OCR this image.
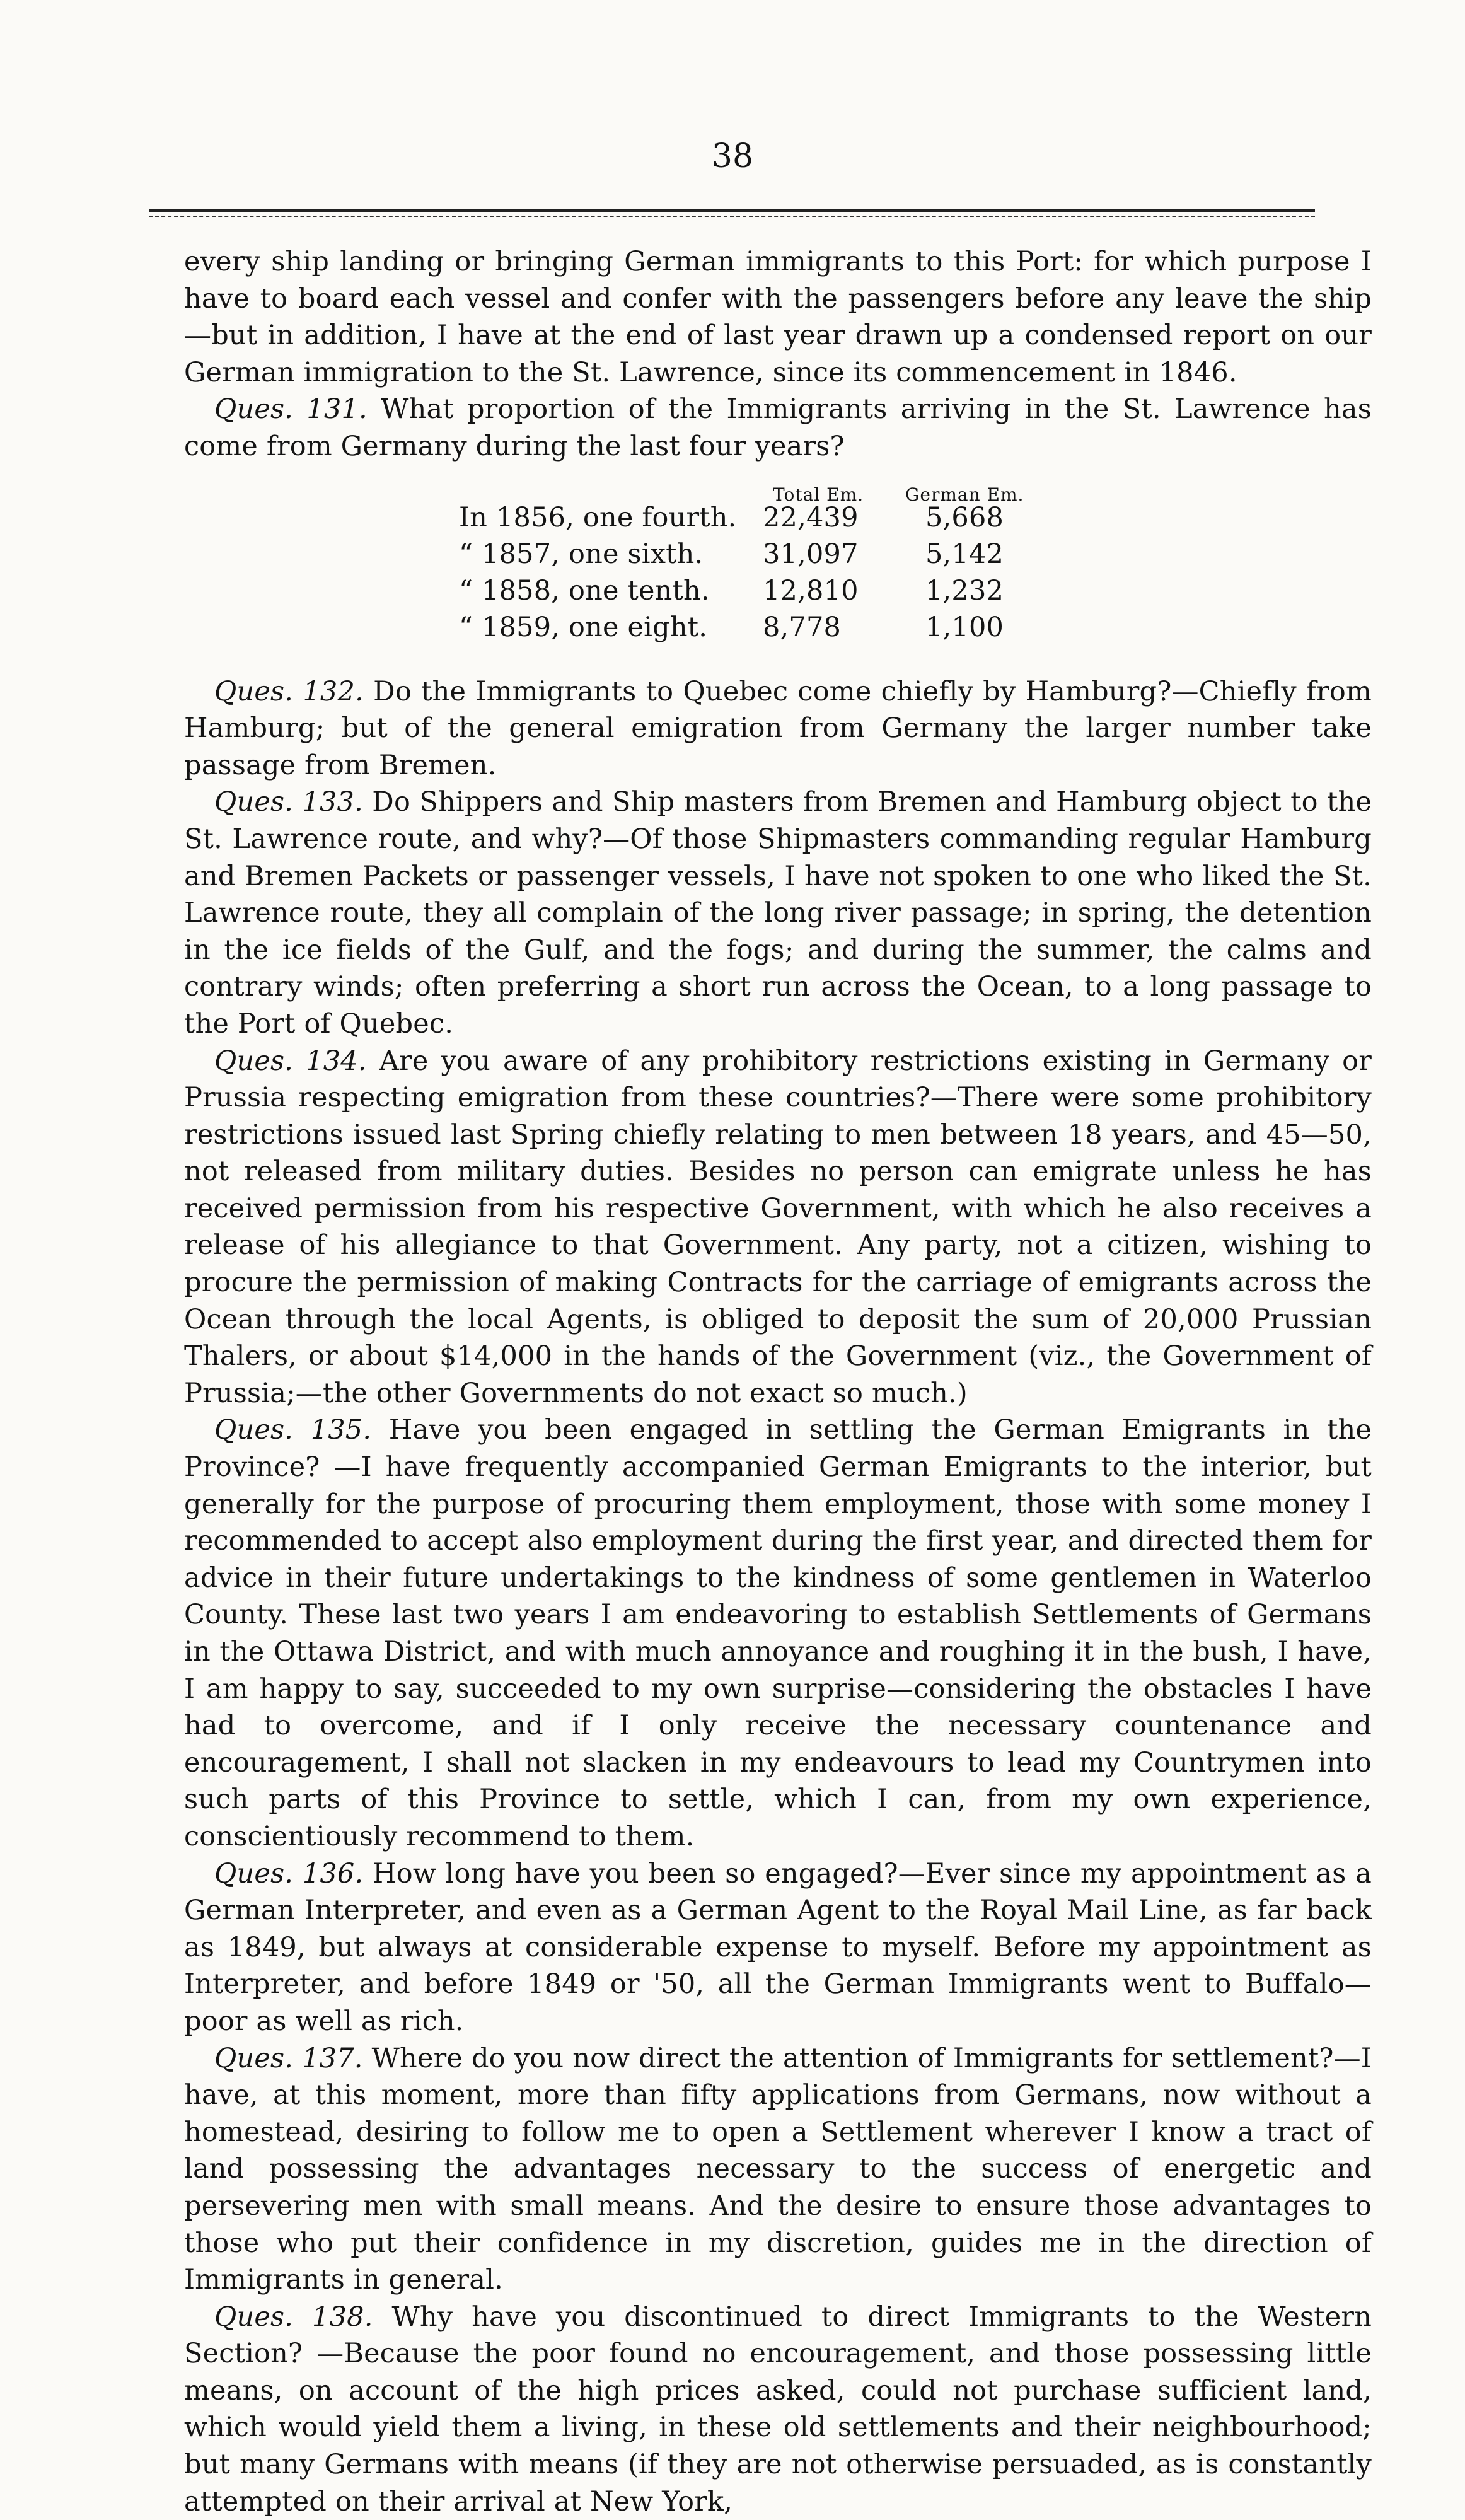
38

every ship landing or bringing German immigrants to this Port: for which purpose I have to board each vessel and confer with the passengers before any leave the ship—but in addition, I have at the end of last year drawn up a condensed report on our German immigration to the St. Lawrence, since its commencement in 1846.

Ques. 131. What proportion of the Immigrants arriving in the St. Lawrence has come from Germany during the last four years?

Total Em. German Em.
In 1856, one fourth. 22,439 5,668
“ 1857, one sixth. 31,097 5,142
“ 1858, one tenth. 12,810 1,232
“ 1859, one eight. 8,778	1,100

Ques. 132. Do the Immigrants to Quebec come chiefly by Hamburg?—Chiefly from Hamburg; but of the general emigration from Germany the larger number take passage from Bremen.

Ques. 133. Do Shippers and Ship masters from Bremen and Hamburg object to the St. Lawrence route, and why?—Of those Shipmasters commanding regular Hamburg and Bremen Packets or passenger vessels, I have not spoken to one who liked the St. Lawrence route, they all complain of the long river passage; in spring, the detention in the ice fields of the Gulf, and the fogs; and during the summer, the calms and contrary winds; often preferring a short run across the Ocean, to a long passage to the Port of Quebec.

Ques. 134. Are you aware of any prohibitory restrictions existing in Germany or Prussia respecting emigration from these countries?—There were some prohibitory restrictions issued last Spring chiefly relating to men between 18 years, and 45—50, not released from military duties. Besides no person can emigrate unless he has received permission from his respective Government, with which he also receives a release of his allegiance to that Government. Any party, not a citizen, wishing to procure the permission of making Contracts for the carriage of emigrants across the Ocean through the local Agents, is obliged to deposit the sum of 20,000 Prussian Thalers, or about $14,000 in the hands of the Government (viz., the Government of Prussia;—the other Governments do not exact so much.)

Ques. 135. Have you been engaged in settling the German Emigrants in the Province? —I have frequently accompanied German Emigrants to the interior, but generally for the purpose of procuring them employment, those with some money I recommended to accept also employment during the first year, and directed them for advice in their future undertakings to the kindness of some gentlemen in Waterloo County. These last two years I am endeavoring to establish Settlements of Germans in the Ottawa District, and with much annoyance and roughing it in the bush, I have, I am happy to say, succeeded to my own surprise—considering the obstacles I have had to overcome, and if I only receive the necessary countenance and encouragement, I shall not slacken in my endeavours to lead my Countrymen into such parts of this Province to settle, which I can, from my own experience, conscientiously recommend to them.

Ques. 136. How long have you been so engaged?—Ever since my appointment as a German Interpreter, and even as a German Agent to the Royal Mail Line, as far back as 1849, but always at considerable expense to myself. Before my appointment as Interpreter, and before 1849 or '50, all the German Immigrants went to Buffalo—poor as well as rich.

Ques. 137. Where do you now direct the attention of Immigrants for settlement?—I have, at this moment, more than fifty applications from Germans, now without a homestead, desiring to follow me to open a Settlement wherever I know a tract of land possessing the advantages necessary to the success of energetic and persevering men with small means. And the desire to ensure those advantages to those who put their confidence in my discretion, guides me in the direction of Immigrants in general.

Ques. 138. Why have you discontinued to direct Immigrants to the Western Section? —Because the poor found no encouragement, and those possessing little means, on account of the high prices asked, could not purchase sufficient land, which would yield them a living, in these old settlements and their neighbourhood; but many Germans with means (if they are not otherwise persuaded, as is constantly attempted on their arrival at New York,
